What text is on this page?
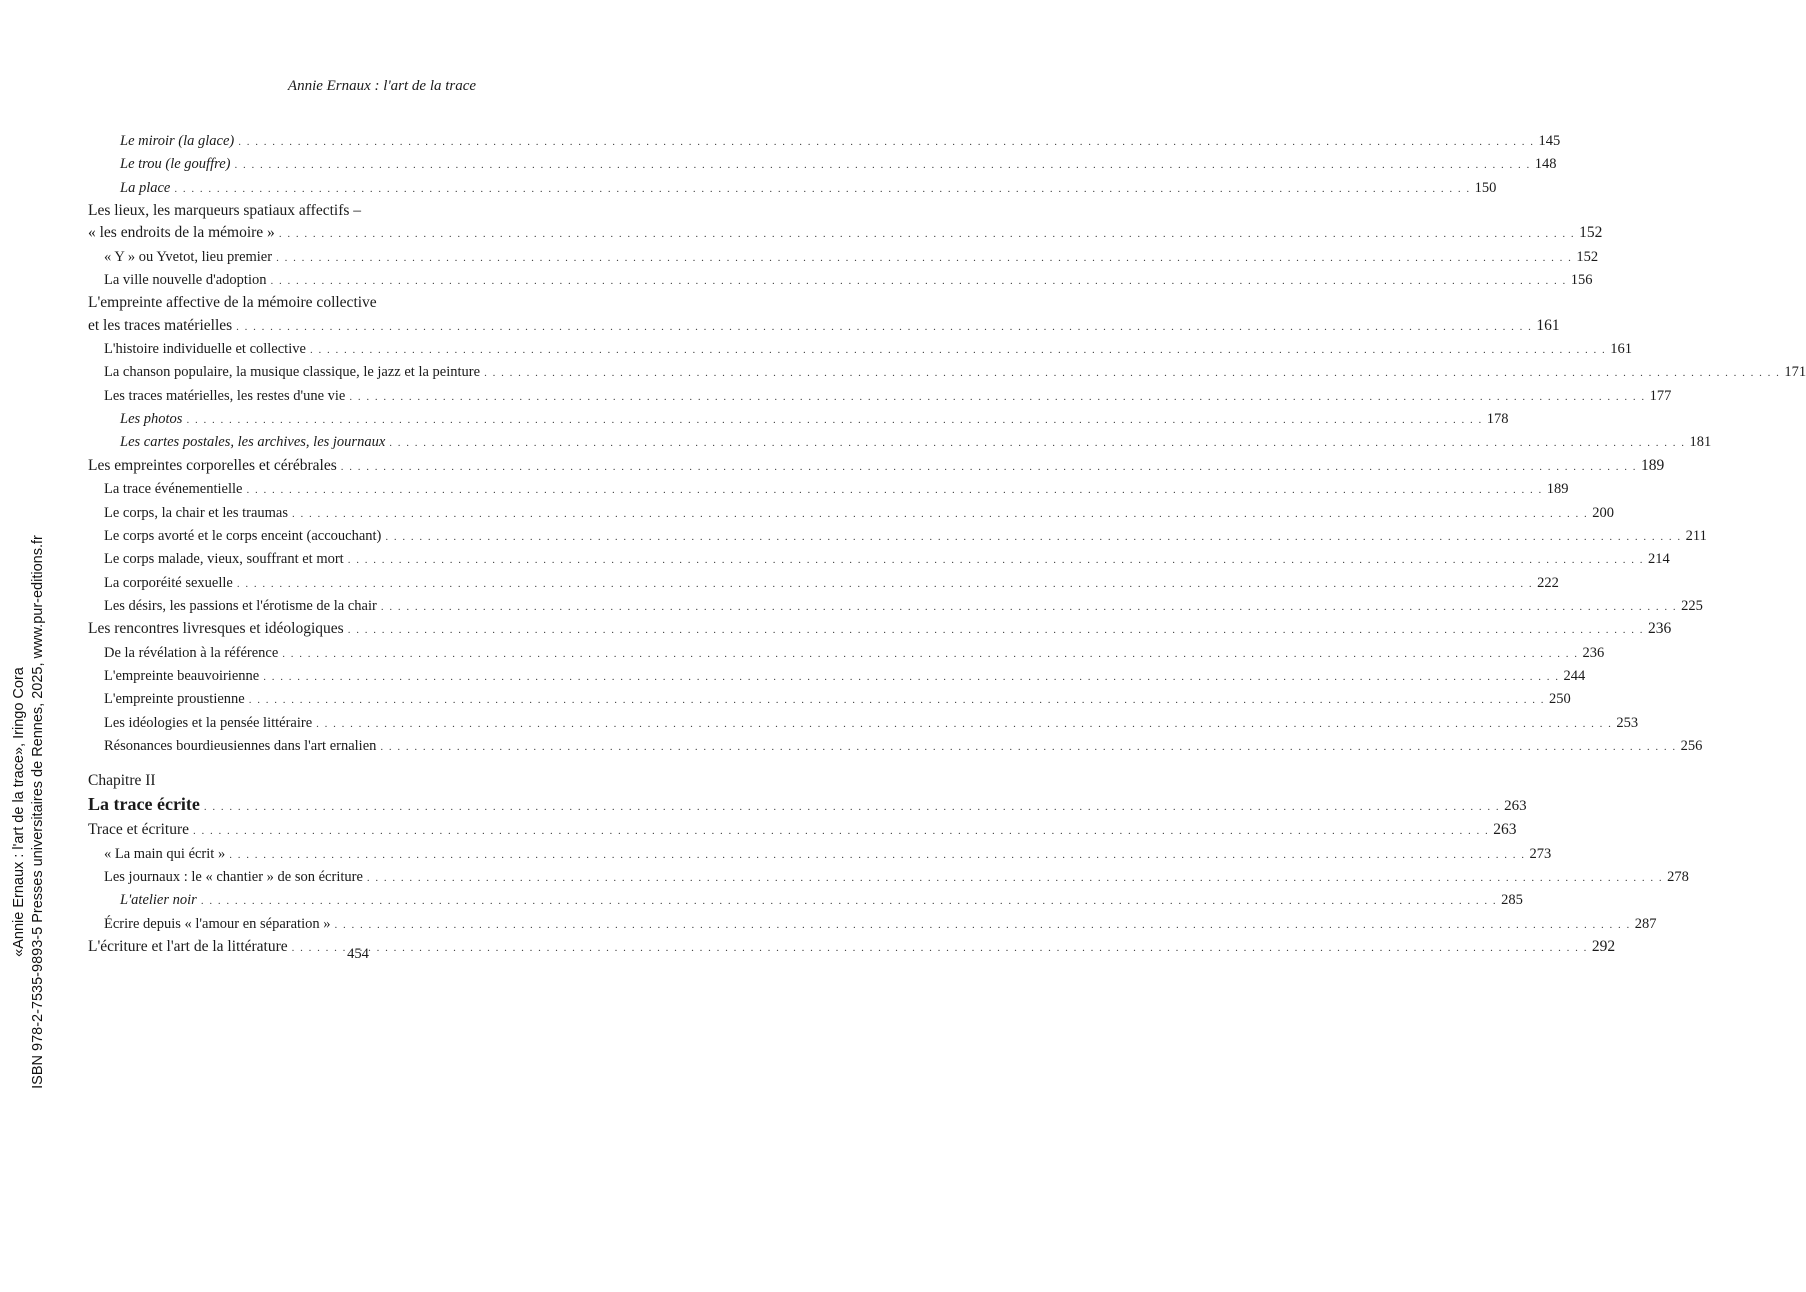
Annie Ernaux : l'art de la trace
Le miroir (la glace) . . .	145
Le trou (le gouffre) . . .	148
La place . . .	150
Les lieux, les marqueurs spatiaux affectifs –
« les endroits de la mémoire » . . .	152
« Y » ou Yvetot, lieu premier . . .	152
La ville nouvelle d'adoption . . .	156
L'empreinte affective de la mémoire collective
et les traces matérielles . . .	161
L'histoire individuelle et collective . . .	161
La chanson populaire, la musique classique, le jazz et la peinture . . .	171
Les traces matérielles, les restes d'une vie . . .	177
Les photos . . .	178
Les cartes postales, les archives, les journaux . . .	181
Les empreintes corporelles et cérébrales . . .	189
La trace événementielle . . .	189
Le corps, la chair et les traumas . . .	200
Le corps avorté et le corps enceint (accouchant) . . .	211
Le corps malade, vieux, souffrant et mort . . .	214
La corporéité sexuelle . . .	222
Les désirs, les passions et l'érotisme de la chair . . .	225
Les rencontres livresques et idéologiques . . .	236
De la révélation à la référence . . .	236
L'empreinte beauvoirienne . . .	244
L'empreinte proustienne . . .	250
Les idéologies et la pensée littéraire . . .	253
Résonances bourdieusiennes dans l'art ernalien . . .	256
Chapitre II
La trace écrite . . .	263
Trace et écriture . . .	263
« La main qui écrit » . . .	273
Les journaux : le « chantier » de son écriture . . .	278
L'atelier noir . . .	285
Écrire depuis « l'amour en séparation » . . .	287
L'écriture et l'art de la littérature . . .	292
454
«Annie Ernaux : l'art de la trace», Iringo Cora ISBN 978-2-7535-9893-5 Presses universitaires de Rennes, 2025, www.pur-editions.fr
